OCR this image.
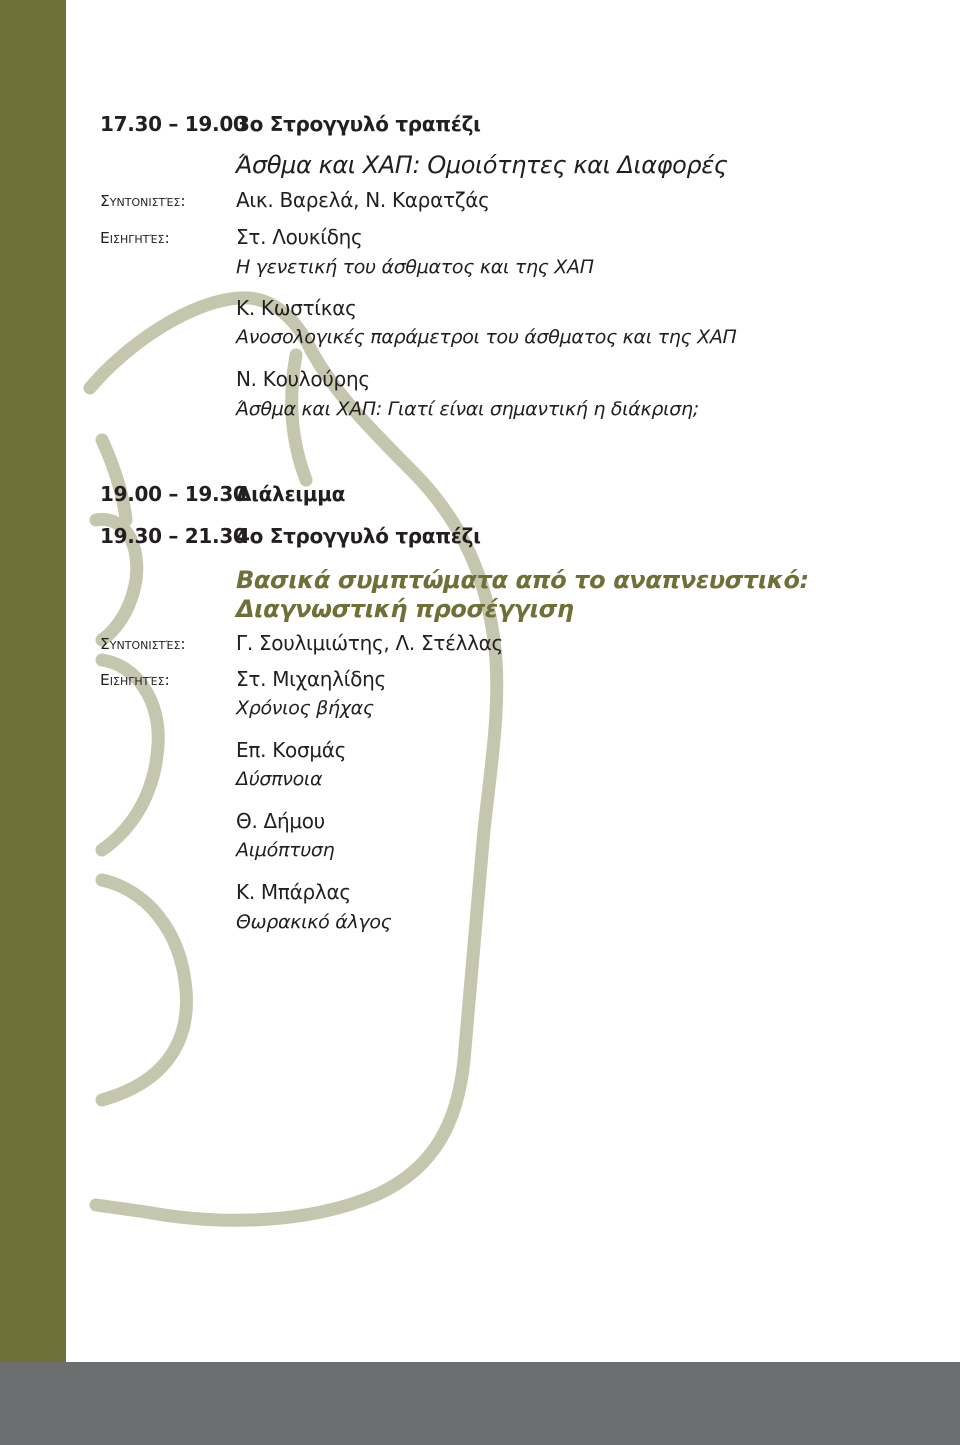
17.30 – 19.00
3ο Στρογγυλό τραπέζι
Άσθμα και ΧΑΠ: Ομοιότητες και Διαφορές
Συντονιστές:	Αικ. Βαρελά, Ν. Καρατζάς
Εισηγητές:	Στ. Λουκίδης
Η γενετική του άσθματος και της ΧΑΠ
Κ. Κωστίκας
Ανοσολογικές παράμετροι του άσθματος και της ΧΑΠ
Ν. Κουλούρης
Άσθμα και ΧΑΠ: Γιατί είναι σημαντική η διάκριση;
19.00 – 19.30
Διάλειμμα
19.30 – 21.30
4ο Στρογγυλό τραπέζι
Βασικά συμπτώματα από το αναπνευστικό:
Διαγνωστική προσέγγιση
Συντονιστές:	Γ. Σουλιμιώτης, Λ. Στέλλας
Εισηγητές:	Στ. Μιχαηλίδης
Χρόνιος βήχας
Επ. Κοσμάς
Δύσπνοια
Θ. Δήμου
Αιμόπτυση
Κ. Μπάρλας
Θωρακικό άλγος
